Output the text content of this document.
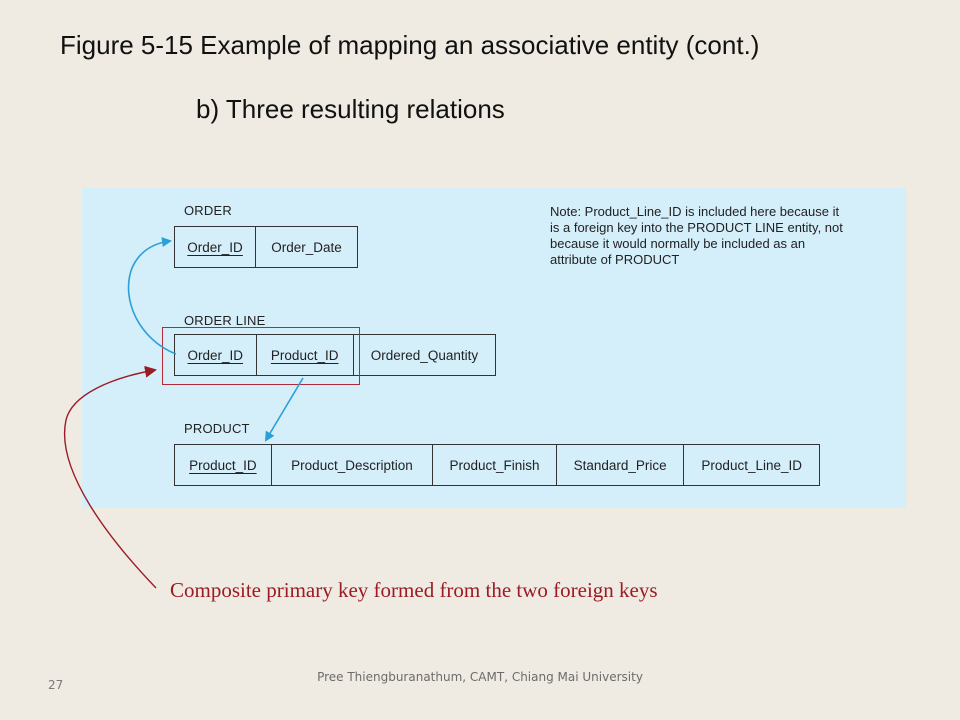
Figure 5-15 Example of mapping an associative entity (cont.)
b) Three resulting relations
ORDER
Order_ID Order_Date
ORDER LINE
Order_ID Product_ID Ordered_Quantity
PRODUCT
Product_ID	Product_Description	Product_Finish	Standard_Price	Product_Line_ID

Note: Product_Line_ID is included here because it is a foreign key into the PRODUCT LINE entity, not because it would normally be included as an attribute of PRODUCT

Composite primary key formed from the two foreign keys
27
Pree Thiengburanathum, CAMT, Chiang Mai University
